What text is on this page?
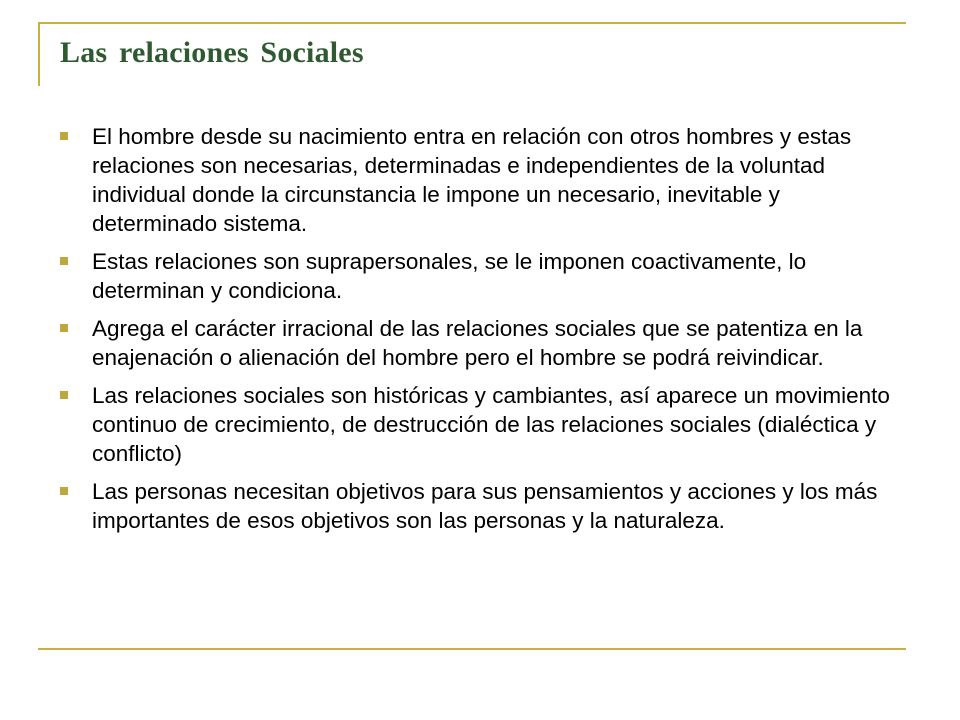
Las relaciones Sociales
El hombre desde su nacimiento entra en relación con otros hombres y estas relaciones son necesarias, determinadas e independientes de la voluntad individual donde la circunstancia le impone un necesario, inevitable y determinado sistema.
Estas relaciones son suprapersonales, se le imponen coactivamente, lo determinan y condiciona.
Agrega el carácter irracional de las relaciones sociales que se patentiza en la enajenación o alienación del hombre pero el hombre se podrá reivindicar.
Las relaciones sociales son históricas y cambiantes, así aparece un movimiento continuo de crecimiento, de destrucción de las relaciones sociales (dialéctica y conflicto)
Las personas necesitan objetivos para sus pensamientos y acciones y los más importantes de esos objetivos son las personas y la naturaleza.
